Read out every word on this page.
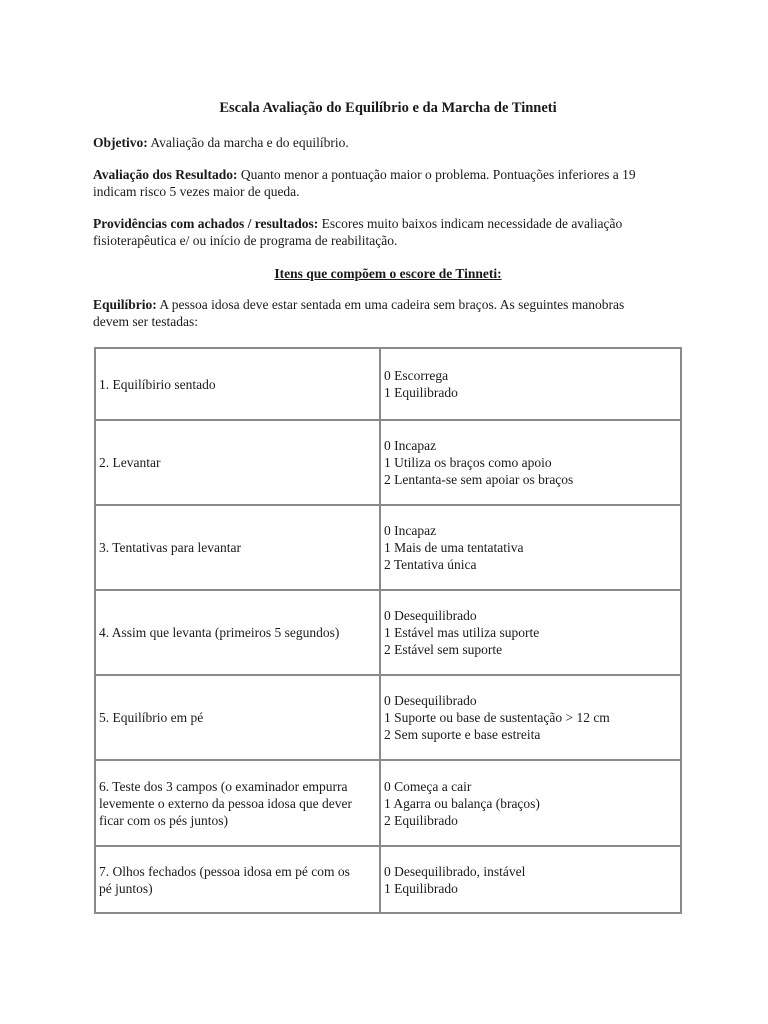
Escala Avaliação do Equilíbrio e da Marcha de Tinneti
Objetivo: Avaliação da marcha e do equilíbrio.
Avaliação dos Resultado: Quanto menor a pontuação maior o problema. Pontuações inferiores a 19
indicam risco 5 vezes maior de queda.
Providências com achados / resultados: Escores muito baixos indicam necessidade de avaliação
fisioterapêutica e/ ou início de programa de reabilitação.
Itens que compõem o escore de Tinneti:
Equilíbrio: A pessoa idosa deve estar sentada em uma cadeira sem braços. As seguintes manobras
devem ser testadas:
1. Equilíbirio sentado	0 Escorrega
1 Equilibrado

2. Levantar	0 Incapaz
1 Utiliza os braços como apoio
2 Lentanta-se sem apoiar os braços

3. Tentativas para levantar	0 Incapaz
1 Mais de uma tentatativa
2 Tentativa única

4. Assim que levanta (primeiros 5 segundos)	0 Desequilibrado
1 Estável mas utiliza suporte
2 Estável sem suporte

5. Equilíbrio em pé	0 Desequilibrado
1 Suporte ou base de sustentação > 12 cm
2 Sem suporte e base estreita

6. Teste dos 3 campos (o examinador empurra
levemente o externo da pessoa idosa que dever
ficar com os pés juntos)	0 Começa a cair
1 Agarra ou balança (braços)
2 Equilibrado

7. Olhos fechados (pessoa idosa em pé com os
pé juntos)	0 Desequilibrado, instável
1 Equilibrado
